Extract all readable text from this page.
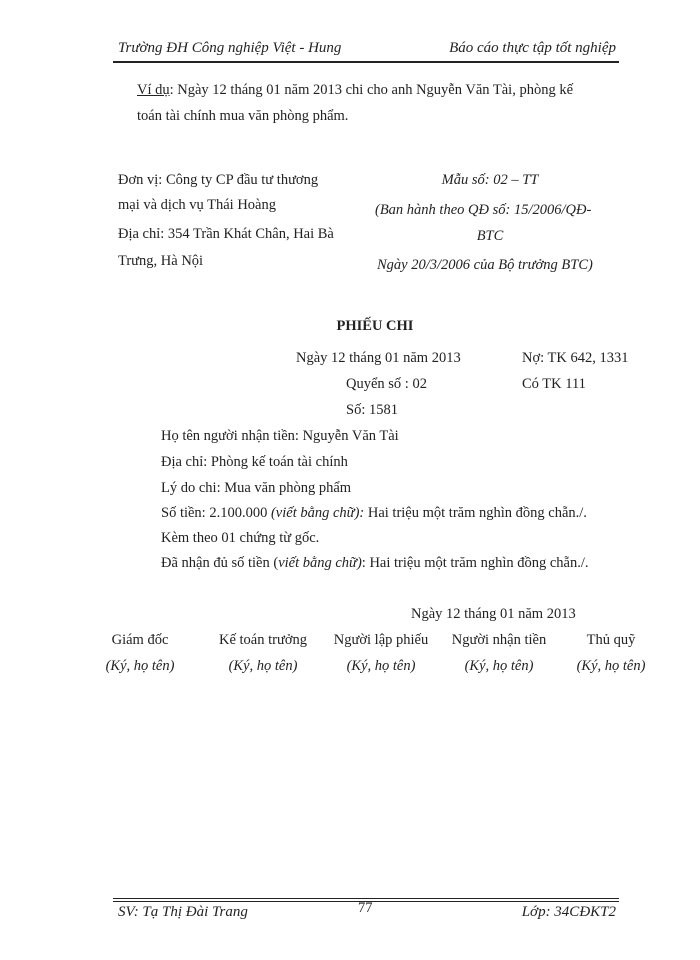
Trường ĐH Công nghiệp Việt - Hung	Báo cáo thực tập tốt nghiệp
Ví dụ: Ngày 12 tháng 01 năm 2013 chi cho anh Nguyễn Văn Tài, phòng kế
toán tài chính mua văn phòng phẩm.
Đơn vị: Công ty CP đầu tư thương
mại và dịch vụ Thái Hoàng
Địa chỉ: 354 Trần Khát Chân, Hai Bà
Trưng, Hà Nội
Mẫu số: 02 – TT
(Ban hành theo QĐ số: 15/2006/QĐ-
BTC
Ngày 20/3/2006 của Bộ trưởng BTC)
PHIẾU CHI
Ngày 12 tháng 01 năm 2013	Nợ: TK 642, 1331
Quyển số : 02	Có TK 111
Số: 1581
Họ tên người nhận tiền: Nguyễn Văn Tài
Địa chỉ: Phòng kế toán tài chính
Lý do chi: Mua văn phòng phẩm
Số tiền: 2.100.000 (viết bằng chữ): Hai triệu một trăm nghìn đồng chẵn./.
Kèm theo 01 chứng từ gốc.
Đã nhận đủ số tiền (viết bằng chữ): Hai triệu một trăm nghìn đồng chẵn./.
Ngày 12 tháng 01 năm 2013
Giám đốc	Kế toán trưởng	Người lập phiếu	Người nhận tiền	Thủ quỹ
(Ký, họ tên)	(Ký, họ tên)	(Ký, họ tên)	(Ký, họ tên)	(Ký, họ tên)
SV: Tạ Thị Đài Trang	77	Lớp: 34CĐKT2
